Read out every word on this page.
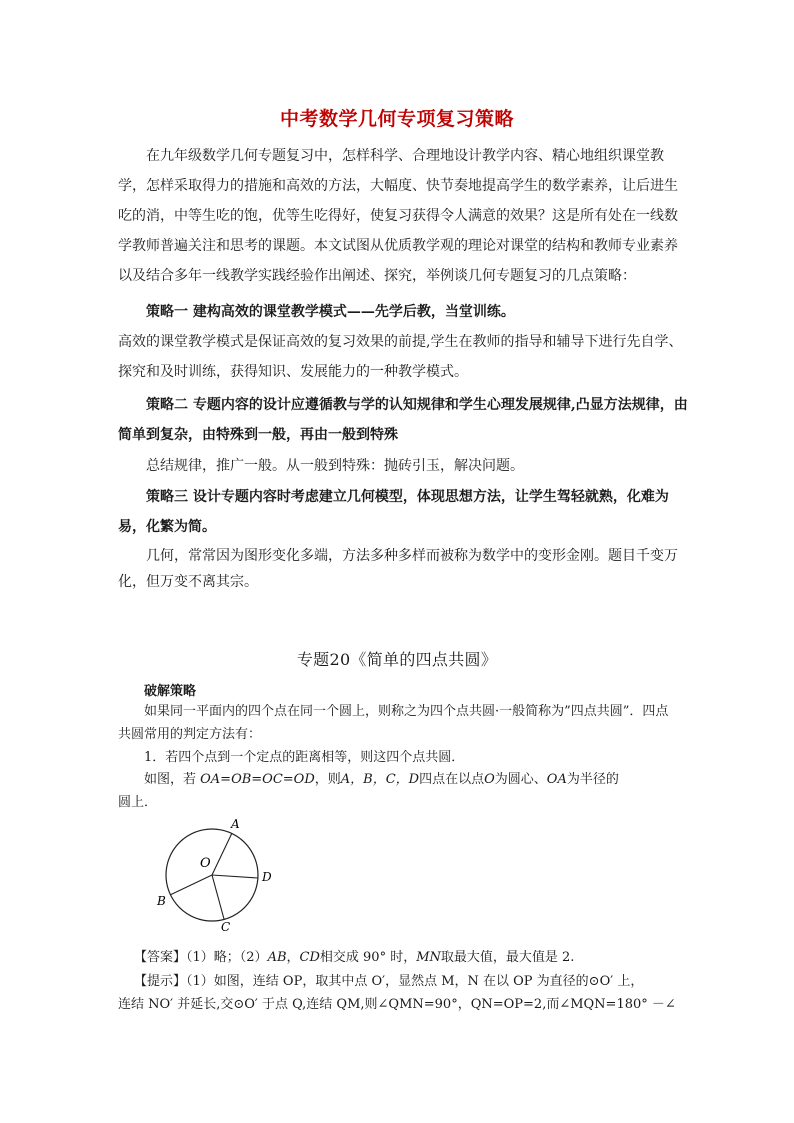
中考数学几何专项复习策略
在九年级数学几何专题复习中，怎样科学、合理地设计教学内容、精心地组织课堂教学，怎样采取得力的措施和高效的方法，大幅度、快节奏地提高学生的数学素养，让后进生吃的消，中等生吃的饱，优等生吃得好，使复习获得令人满意的效果？这是所有处在一线数学教师普遍关注和思考的课题。本文试图从优质教学观的理论对课堂的结构和教师专业素养以及结合多年一线教学实践经验作出阐述、探究，举例谈几何专题复习的几点策略：
策略一 建构高效的课堂教学模式——先学后教，当堂训练。
高效的课堂教学模式是保证高效的复习效果的前提,学生在教师的指导和辅导下进行先自学、探究和及时训练，获得知识、发展能力的一种教学模式。
策略二 专题内容的设计应遵循教与学的认知规律和学生心理发展规律,凸显方法规律，由简单到复杂，由特殊到一般，再由一般到特殊
总结规律，推广一般。从一般到特殊：抛砖引玉，解决问题。
策略三 设计专题内容时考虑建立几何模型，体现思想方法，让学生驾轻就熟，化难为易，化繁为简。
几何，常常因为图形变化多端，方法多种多样而被称为数学中的变形金刚。题目千变万化，但万变不离其宗。
专题20《简单的四点共圆》
破解策略
如果同一平面内的四个点在同一个圆上，则称之为四个点共圆·一般简称为”四点共圆”．四点共圆常用的判定方法有：
1．若四个点到一个定点的距离相等，则这四个点共圆．
如图，若 OA=OB=OC=OD，则A，B，C，D四点在以点O为圆心、OA为半径的
圆上．
A
O
D
B
C
【答案】（1）略；（2）AB，CD相交成 90° 时，MN取最大值，最大值是 2.
【提示】（1）如图，连结 OP，取其中点 O′，显然点 M，N 在以 OP 为直径的⊙O′ 上，
连结 NO′ 并延长,交⊙O′ 于点 Q,连结 QM,则∠QMN=90°，QN=OP=2,而∠MQN=180° －∠
